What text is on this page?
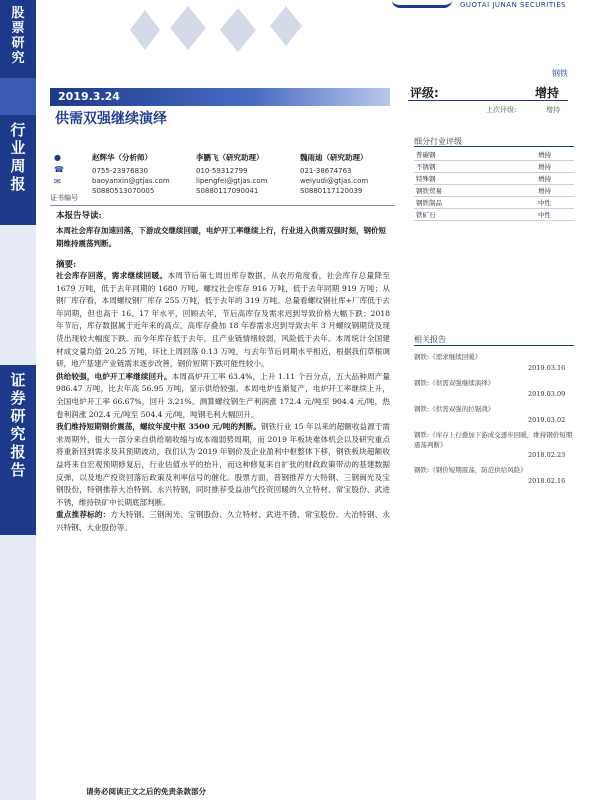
股
票
研
究
行
业
周
报
证
券
研
究
报
告
GUOTAI JUNAN SECURITIES
钢铁
2019.3.24
供需双强继续演绎
评级:	增持
上次评级:	增持
●
☎
✉
赵辉华（分析师）
0755-23976830
baoyanxin@gtjas.com
S0880513070005
李鹏飞（研究助理）
010-59312799
lipengfei@gtjas.com
S0880117090041
魏雨迪（研究助理）
021-38674763
weiyudi@gtjas.com
S0880117120039
证书编号
本报告导读:
本周社会库存加速回落，下游成交继续回暖，电炉开工率继续上行，行业进入供需双强时刻，钢价短期维持震荡判断。
摘要:

社会库存回落，需求继续回暖。本周节后第七周出库存数据，从农历角度看，社会库存总量降至 1679 万吨，低于去年同期的 1680 万吨。螺纹社会库存 916 万吨，低于去年同期 919 万吨；从钢厂库存看，本周螺纹钢厂库存 255 万吨，低于去年的 319 万吨。总量看螺纹钢社库+厂库低于去年同期，但也高于 16、17 年水平，回顾去年，节后高库存及需求迟到导致价格大幅下跌；2018 年节后，库存数据属于近年来的高点，高库存叠加 18 年春需求迟到导致去年 3 月螺纹钢期货及现货出现较大幅度下跌。而今年库存低于去年，且产业链情绪较弱，风险低于去年。本周统计全国建材成交量均值 20.25 万吨，环比上周回落 0.13 万吨，与去年节后同期水平相近，根据我们草根调研，地产基建产业链需求逐步改善，钢价短期下跌可能性较小。

供给较强，电炉开工率继续回升。本周高炉开工率 63.4%，上升 1.11 个百分点，五大品种周产量 986.47 万吨，比去年高 56.95 万吨，显示供给较强。本周电炉连渐复产，电炉开工率继续上升，全国电炉开工率 66.67%，回升 3.21%。测算螺纹钢生产利润涨 172.4 元/吨至 904.4 元/吨，热卷利润涨 202.4 元/吨至 504.4 元/吨，吨钢毛利大幅回升。

我们维持短期钢价震荡，螺纹年度中枢 3500 元/吨的判断。钢铁行业 15 年以来的超额收益源于需求周期外，很大一部分来自供给端收缩与成本端弱势周期，而 2019 年板块难体机会以及研究重点将重新回到需求及其预期波动，我们认为 2019 年钢价及企业盈利中枢整体下移，钢铁板块超额收益将来自宏观预期修复后，行业估值水平的抬升，而这种修复来自扩张的财政政策带动的基建数据反弹，以及地产投资回落后政策及利率信号的催化。股票方面，普钢推荐方大特钢、三钢闽光及宝钢股份，特钢推荐大冶特钢、永兴特钢，同时推荐受益油气投资回暖的久立特材、常宝股份、武进不锈，维持铁矿中长期底部判断。

重点推荐标的：方大特钢、三钢闽光、宝钢股份、久立特材、武进不锈、常宝股份、大冶特钢、永兴特钢、大业股份等。

细分行业评级
普碳钢	增持
不锈钢	增持
特殊钢	增持
钢铁贸易	增持
钢铁制品	中性
铁矿石	中性
相关报告
钢铁:《需求继续回暖》
2019.03.16
钢铁:《供需双强继续演绎》
2019.03.09
钢铁:《供需双强的拉锯战》
2019.03.02
钢铁:《库存上行叠加下游成交逐步回暖，维持钢价短期震荡判断》
2018.02.23
钢铁:《钢价短期震荡，防范供给风险》
2018.02.16
请务必阅读正文之后的免责条款部分
